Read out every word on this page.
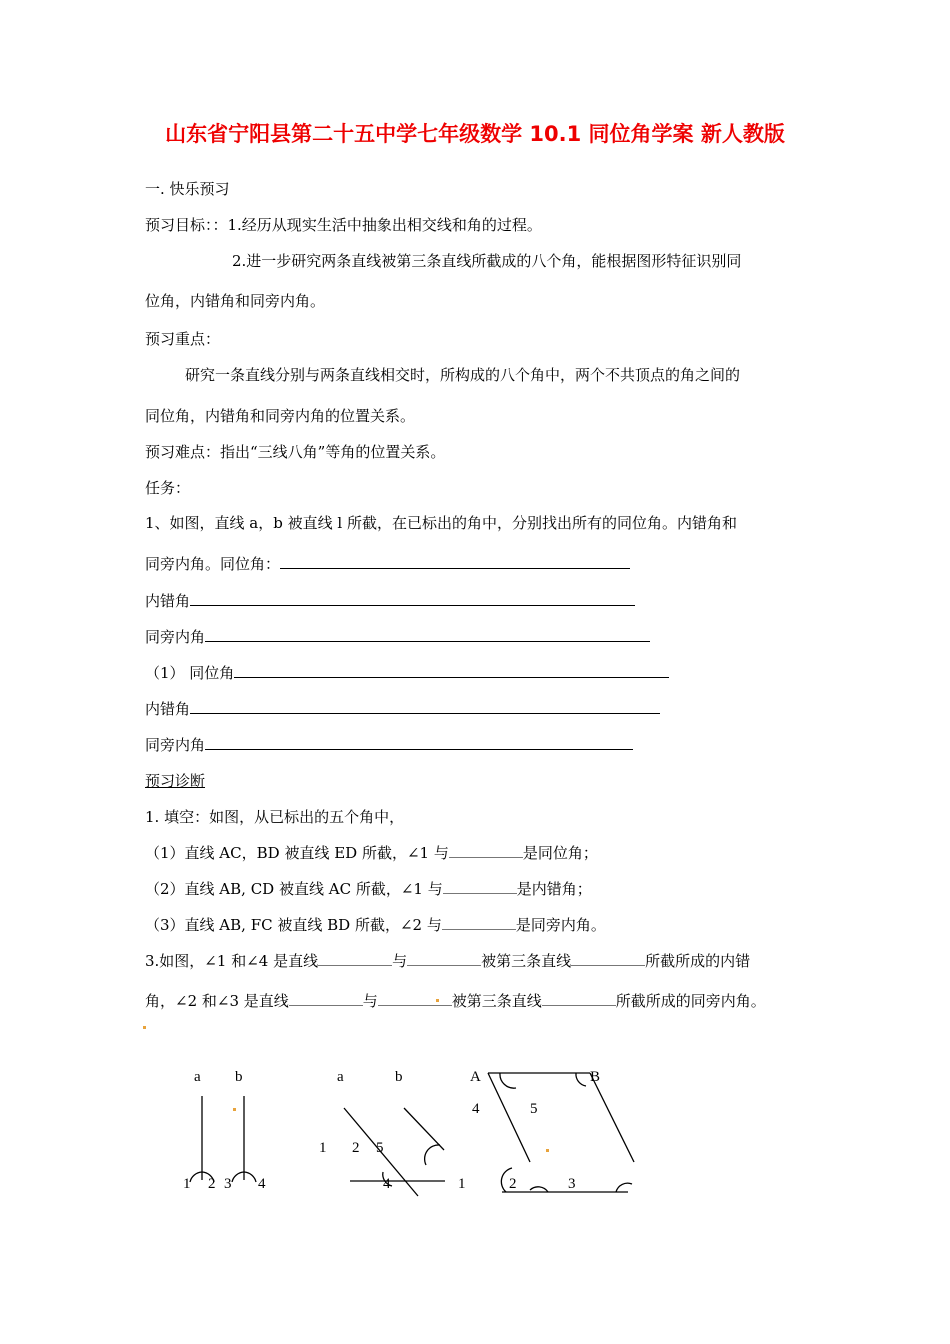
山东省宁阳县第二十五中学七年级数学 10.1 同位角学案 新人教版
一. 快乐预习
预习目标：：1.经历从现实生活中抽象出相交线和角的过程。
2.进一步研究两条直线被第三条直线所截成的八个角，能根据图形特征识别同
位角，内错角和同旁内角。
预习重点：
研究一条直线分别与两条直线相交时，所构成的八个角中，两个不共顶点的角之间的
同位角，内错角和同旁内角的位置关系。
预习难点：指出“三线八角”等角的位置关系。
任务：
1、如图，直线 a，b 被直线 l 所截，在已标出的角中，分别找出所有的同位角。内错角和
同旁内角。同位角：
内错角
同旁内角
（1） 同位角
内错角
同旁内角
预习诊断
1. 填空：如图，从已标出的五个角中，
（1）直线 AC，BD 被直线 ED 所截，∠1 与	是同位角；
（2）直线 AB, CD 被直线 AC 所截，∠1 与	是内错角；
（3）直线 AB, FC 被直线 BD 所截，∠2 与	是同旁内角。
3.如图，∠1 和∠4 是直线	与	被第三条直线	所截所成的内错
角，∠2 和∠3 是直线	与	被第三条直线	所截所成的同旁内角。
a b
1 2 3 4
a	b
1 2 5
4	1
A	B
4	5
2	3
